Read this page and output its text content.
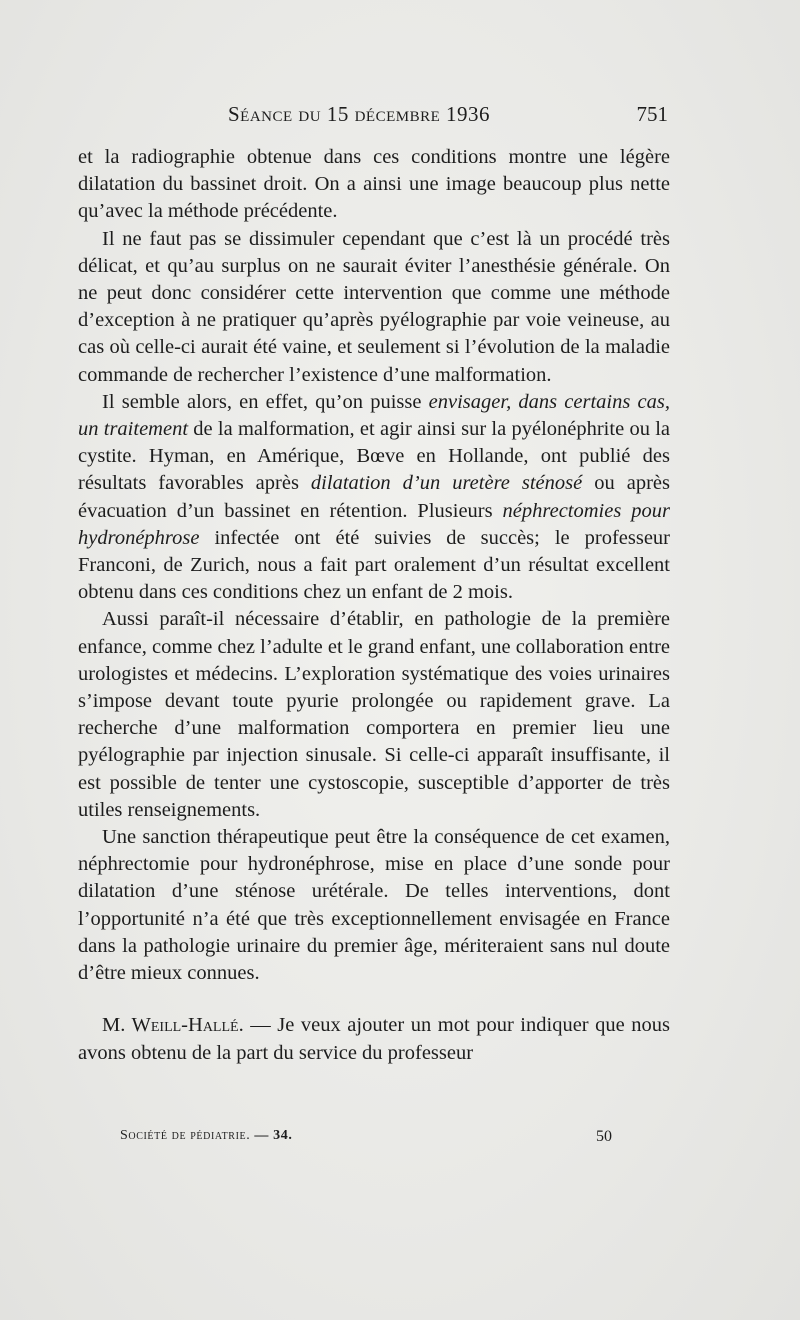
Séance du 15 décembre 1936	751

et la radiographie obtenue dans ces conditions montre une légère dilatation du bassinet droit. On a ainsi une image beaucoup plus nette qu’avec la méthode précédente.

Il ne faut pas se dissimuler cependant que c’est là un procédé très délicat, et qu’au surplus on ne saurait éviter l’anesthésie générale. On ne peut donc considérer cette intervention que comme une méthode d’exception à ne pratiquer qu’après pyélographie par voie veineuse, au cas où celle-ci aurait été vaine, et seulement si l’évolution de la maladie commande de rechercher l’existence d’une malformation.

Il semble alors, en effet, qu’on puisse envisager, dans certains cas, un traitement de la malformation, et agir ainsi sur la pyélonéphrite ou la cystite. Hyman, en Amérique, Bœve en Hollande, ont publié des résultats favorables après dilatation d’un uretère sténosé ou après évacuation d’un bassinet en rétention. Plusieurs néphrectomies pour hydronéphrose infectée ont été suivies de succès; le professeur Franconi, de Zurich, nous a fait part oralement d’un résultat excellent obtenu dans ces conditions chez un enfant de 2 mois.

Aussi paraît-il nécessaire d’établir, en pathologie de la première enfance, comme chez l’adulte et le grand enfant, une collaboration entre urologistes et médecins. L’exploration systématique des voies urinaires s’impose devant toute pyurie prolongée ou rapidement grave. La recherche d’une malformation comportera en premier lieu une pyélographie par injection sinusale. Si celle-ci apparaît insuffisante, il est possible de tenter une cystoscopie, susceptible d’apporter de très utiles renseignements.

Une sanction thérapeutique peut être la conséquence de cet examen, néphrectomie pour hydronéphrose, mise en place d’une sonde pour dilatation d’une sténose urétérale. De telles interventions, dont l’opportunité n’a été que très exceptionnellement envisagée en France dans la pathologie urinaire du premier âge, mériteraient sans nul doute d’être mieux connues.

M. Weill-Hallé. — Je veux ajouter un mot pour indiquer que nous avons obtenu de la part du service du professeur

Société de pédiatrie. — 34.	50
